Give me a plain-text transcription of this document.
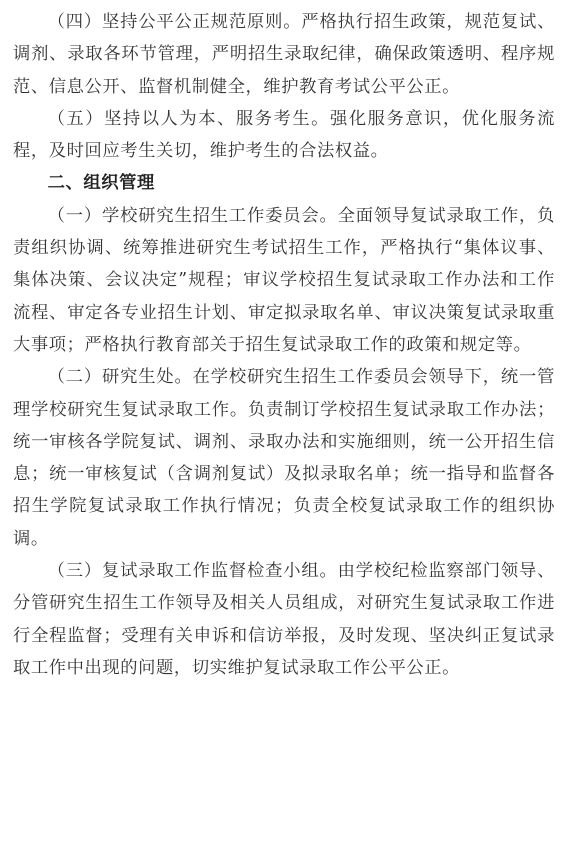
（四）坚持公平公正规范原则。严格执行招生政策，规范复试、调剂、录取各环节管理，严明招生录取纪律，确保政策透明、程序规范、信息公开、监督机制健全，维护教育考试公平公正。

（五）坚持以人为本、服务考生。强化服务意识，优化服务流程，及时回应考生关切，维护考生的合法权益。

二、组织管理

（一）学校研究生招生工作委员会。全面领导复试录取工作，负责组织协调、统筹推进研究生考试招生工作，严格执行“集体议事、集体决策、会议决定”规程；审议学校招生复试录取工作办法和工作流程、审定各专业招生计划、审定拟录取名单、审议决策复试录取重大事项；严格执行教育部关于招生复试录取工作的政策和规定等。

（二）研究生处。在学校研究生招生工作委员会领导下，统一管理学校研究生复试录取工作。负责制订学校招生复试录取工作办法；统一审核各学院复试、调剂、录取办法和实施细则，统一公开招生信息；统一审核复试（含调剂复试）及拟录取名单；统一指导和监督各招生学院复试录取工作执行情况；负责全校复试录取工作的组织协调。

（三）复试录取工作监督检查小组。由学校纪检监察部门领导、分管研究生招生工作领导及相关人员组成，对研究生复试录取工作进行全程监督；受理有关申诉和信访举报，及时发现、坚决纠正复试录取工作中出现的问题，切实维护复试录取工作公平公正。
